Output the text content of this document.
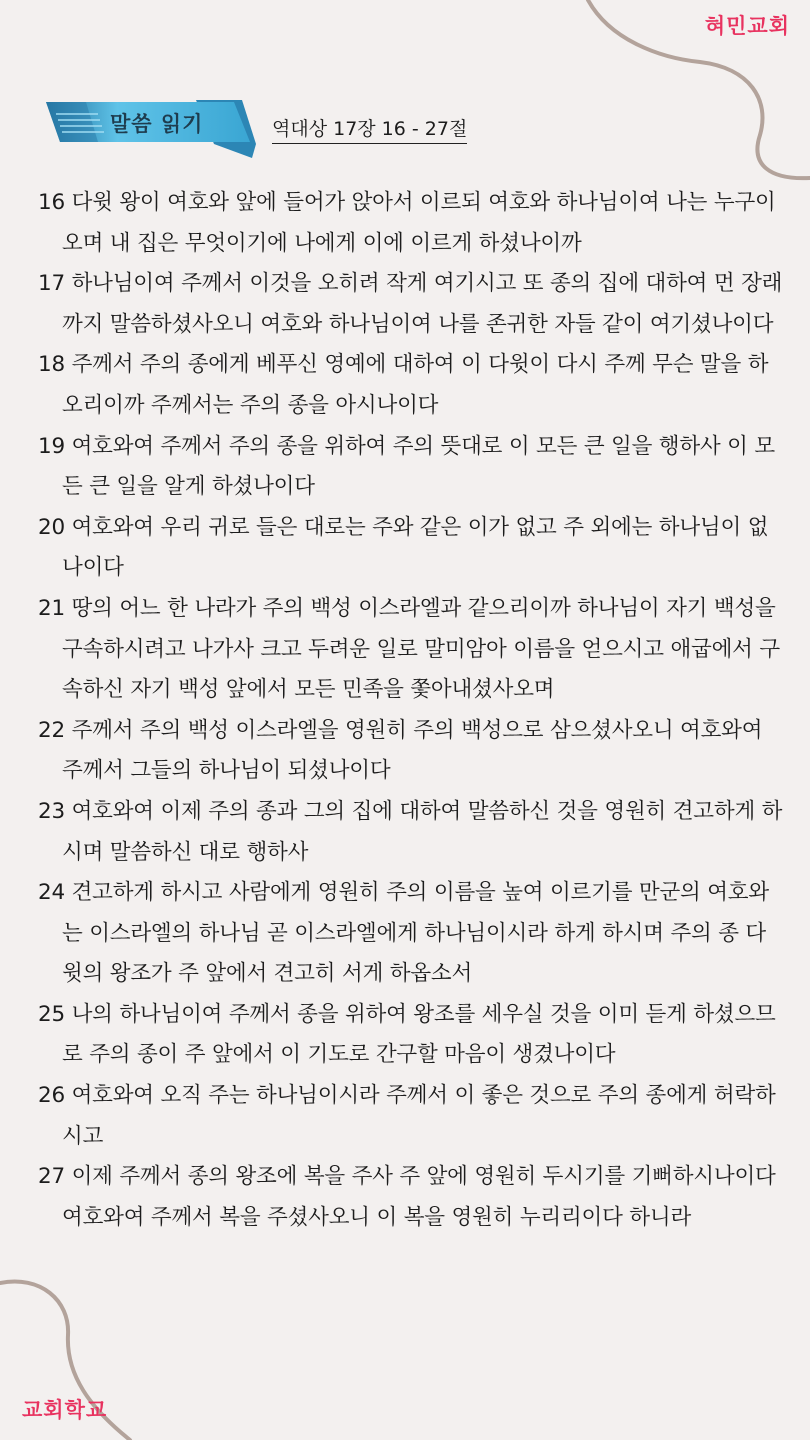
혀민교회
말씀 읽기	역대상 17장 16 - 27절
16 다윗 왕이 여호와 앞에 들어가 앉아서 이르되 여호와 하나님이여 나는 누구이오며 내 집은 무엇이기에 나에게 이에 이르게 하셨나이까
17 하나님이여 주께서 이것을 오히려 작게 여기시고 또 종의 집에 대하여 먼 장래까지 말씀하셨사오니 여호와 하나님이여 나를 존귀한 자들 같이 여기셨나이다
18 주께서 주의 종에게 베푸신 영예에 대하여 이 다윗이 다시 주께 무슨 말을 하오리이까 주께서는 주의 종을 아시나이다
19 여호와여 주께서 주의 종을 위하여 주의 뜻대로 이 모든 큰 일을 행하사 이 모든 큰 일을 알게 하셨나이다
20 여호와여 우리 귀로 들은 대로는 주와 같은 이가 없고 주 외에는 하나님이 없나이다
21 땅의 어느 한 나라가 주의 백성 이스라엘과 같으리이까 하나님이 자기 백성을 구속하시려고 나가사 크고 두려운 일로 말미암아 이름을 얻으시고 애굽에서 구속하신 자기 백성 앞에서 모든 민족을 쫓아내셨사오며
22 주께서 주의 백성 이스라엘을 영원히 주의 백성으로 삼으셨사오니 여호와여 주께서 그들의 하나님이 되셨나이다
23 여호와여 이제 주의 종과 그의 집에 대하여 말씀하신 것을 영원히 견고하게 하시며 말씀하신 대로 행하사
24 견고하게 하시고 사람에게 영원히 주의 이름을 높여 이르기를 만군의 여호와는 이스라엘의 하나님 곧 이스라엘에게 하나님이시라 하게 하시며 주의 종 다윗의 왕조가 주 앞에서 견고히 서게 하옵소서
25 나의 하나님이여 주께서 종을 위하여 왕조를 세우실 것을 이미 듣게 하셨으므로 주의 종이 주 앞에서 이 기도로 간구할 마음이 생겼나이다
26 여호와여 오직 주는 하나님이시라 주께서 이 좋은 것으로 주의 종에게 허락하시고
27 이제 주께서 종의 왕조에 복을 주사 주 앞에 영원히 두시기를 기뻐하시나이다 여호와여 주께서 복을 주셨사오니 이 복을 영원히 누리리이다 하니라
교회학교
